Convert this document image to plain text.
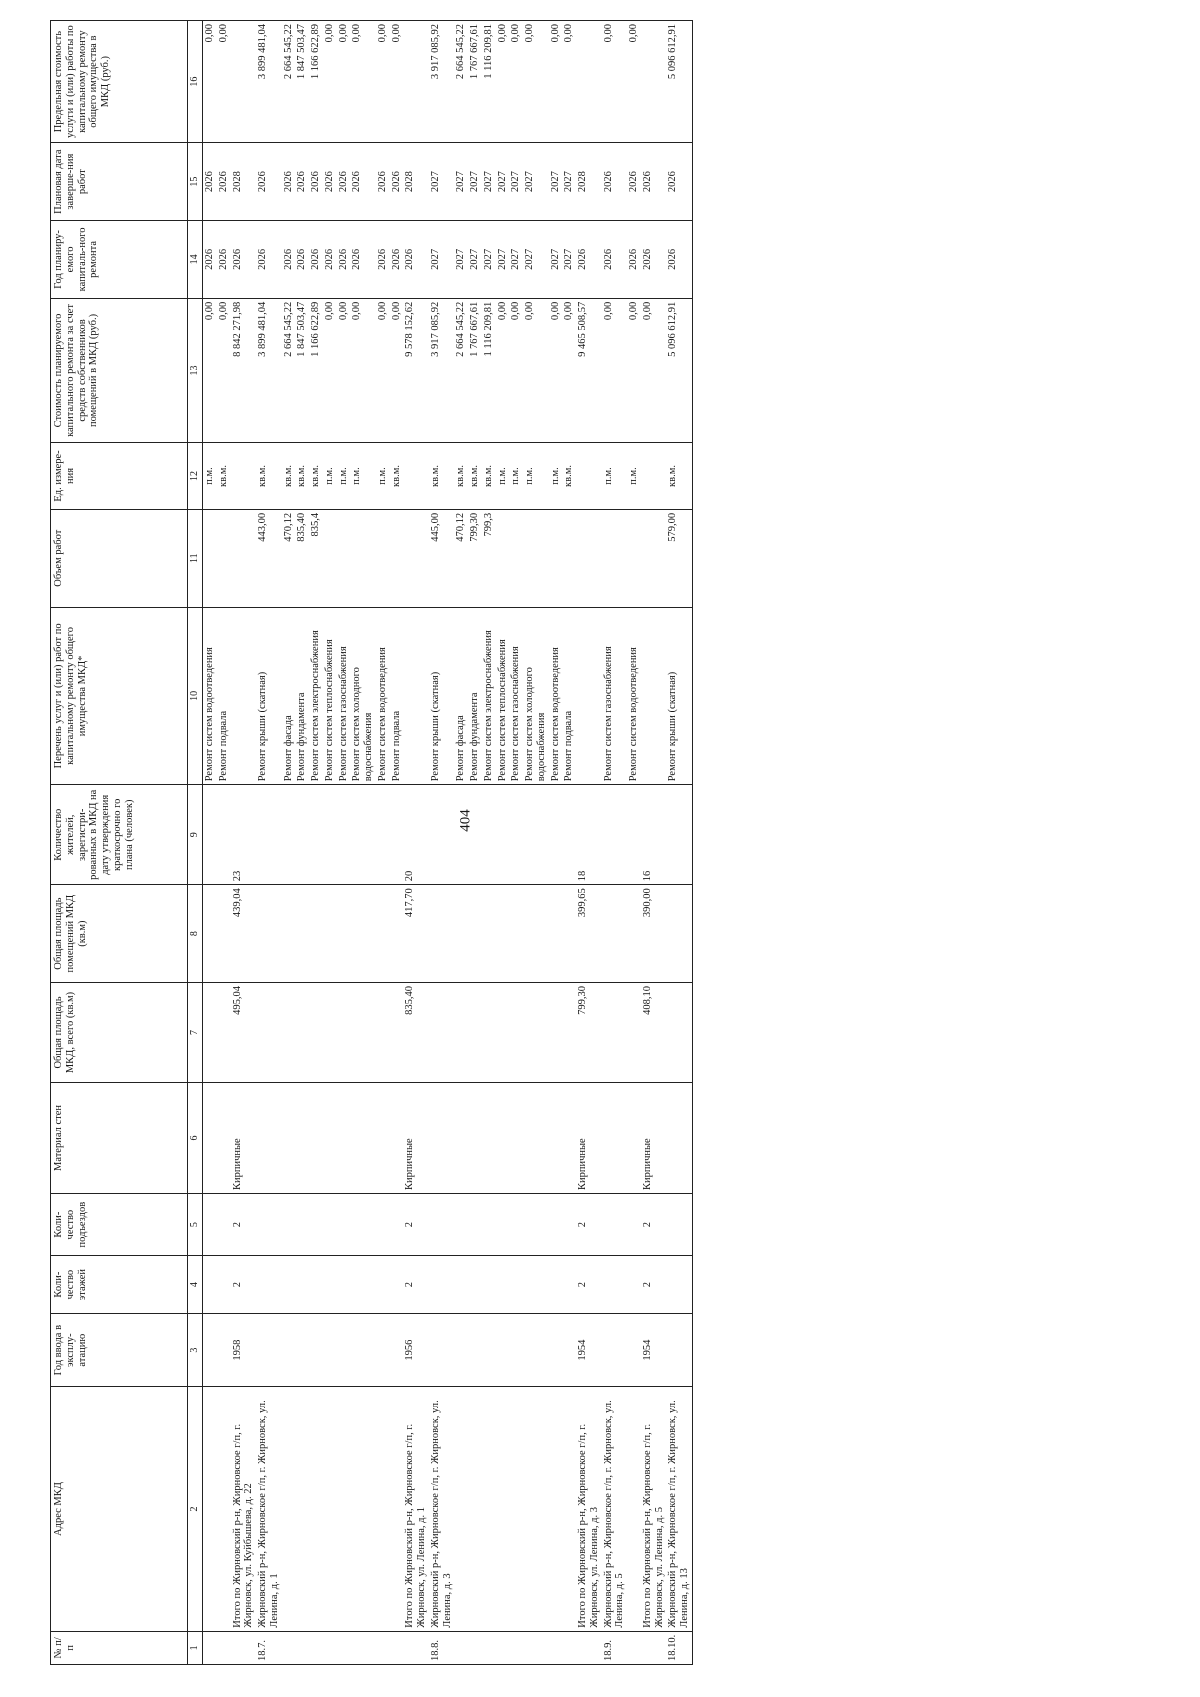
404
№ п/п	Адрес МКД	Год ввода в эксплу-атацию	Коли-чество этажей	Коли-чество подъездов	Материал стен	Общая площадь МКД, всего (кв.м)	Общая площадь помещений МКД (кв.м)	Количество жителей, зарегистри-рованных в МКД на дату утверждения краткосрочно го плана (человек)	Перечень услуг и (или) работ по капитальному ремонту общего имущества МКД*	Объем работ	Ед. измере-ния	Стоимость планируемого капитального ремонта за счет средств собственников помещений в МКД (руб.)	Год планиру-емого капиталь-ного ремонта	Плановая дата заверше-ния работ	Предельная стоимость услуги и (или) работы по капитальному ремонту общего имущества в МКД (руб.)
1	2	3	4	5	6	7	8	9	10	11	12	13	14	15	16
									Ремонт систем водоотведения		п.м.	0,00	2026	2026	0,00
									Ремонт подвала		кв.м.	0,00	2026	2026	0,00
	Итого по Жирновский р-н, Жирновское г/п, г. Жирновск, ул. Куйбышева, д. 22	1958	2	2	Кирпичные	495,04	439,04	23				8 842 271,98	2026	2028	
18.7.	Жирновский р-н, Жирновское г/п, г. Жирновск, ул. Ленина, д. 1								Ремонт крыши (скатная)	443,00	кв.м.	3 899 481,04	2026	2026	3 899 481,04
									Ремонт фасада	470,12	кв.м.	2 664 545,22	2026	2026	2 664 545,22
									Ремонт фундамента	835,40	кв.м.	1 847 503,47	2026	2026	1 847 503,47
									Ремонт систем электроснабжения	835,4	кв.м.	1 166 622,89	2026	2026	1 166 622,89
									Ремонт систем теплоснабжения		п.м.	0,00	2026	2026	0,00
									Ремонт систем газоснабжения		п.м.	0,00	2026	2026	0,00
									Ремонт систем холодного водоснабжения		п.м.	0,00	2026	2026	0,00
									Ремонт систем водоотведения		п.м.	0,00	2026	2026	0,00
									Ремонт подвала		кв.м.	0,00	2026	2026	0,00
	Итого по Жирновский р-н, Жирновское г/п, г. Жирновск, ул. Ленина, д. 1	1956	2	2	Кирпичные	835,40	417,70	20				9 578 152,62	2026	2028	
18.8.	Жирновский р-н, Жирновское г/п, г. Жирновск, ул. Ленина, д. 3								Ремонт крыши (скатная)	445,00	кв.м.	3 917 085,92	2027	2027	3 917 085,92
									Ремонт фасада	470,12	кв.м.	2 664 545,22	2027	2027	2 664 545,22
									Ремонт фундамента	799,30	кв.м.	1 767 667,61	2027	2027	1 767 667,61
									Ремонт систем электроснабжения	799,3	кв.м.	1 116 209,81	2027	2027	1 116 209,81
									Ремонт систем теплоснабжения		п.м.	0,00	2027	2027	0,00
									Ремонт систем газоснабжения		п.м.	0,00	2027	2027	0,00
									Ремонт систем холодного водоснабжения		п.м.	0,00	2027	2027	0,00
									Ремонт систем водоотведения		п.м.	0,00	2027	2027	0,00
									Ремонт подвала		кв.м.	0,00	2027	2027	0,00
	Итого по Жирновский р-н, Жирновское г/п, г. Жирновск, ул. Ленина, д. 3	1954	2	2	Кирпичные	799,30	399,65	18				9 465 508,57	2026	2028	
18.9.	Жирновский р-н, Жирновское г/п, г. Жирновск, ул. Ленина, д. 5								Ремонт систем газоснабжения		п.м.	0,00	2026	2026	0,00
									Ремонт систем водоотведения		п.м.	0,00	2026	2026	0,00
	Итого по Жирновский р-н, Жирновское г/п, г. Жирновск, ул. Ленина, д. 5	1954	2	2	Кирпичные	408,10	390,00	16				0,00	2026	2026	
18.10.	Жирновский р-н, Жирновское г/п, г. Жирновск, ул. Ленина, д. 13								Ремонт крыши (скатная)	579,00	кв.м.	5 096 612,91	2026	2026	5 096 612,91
